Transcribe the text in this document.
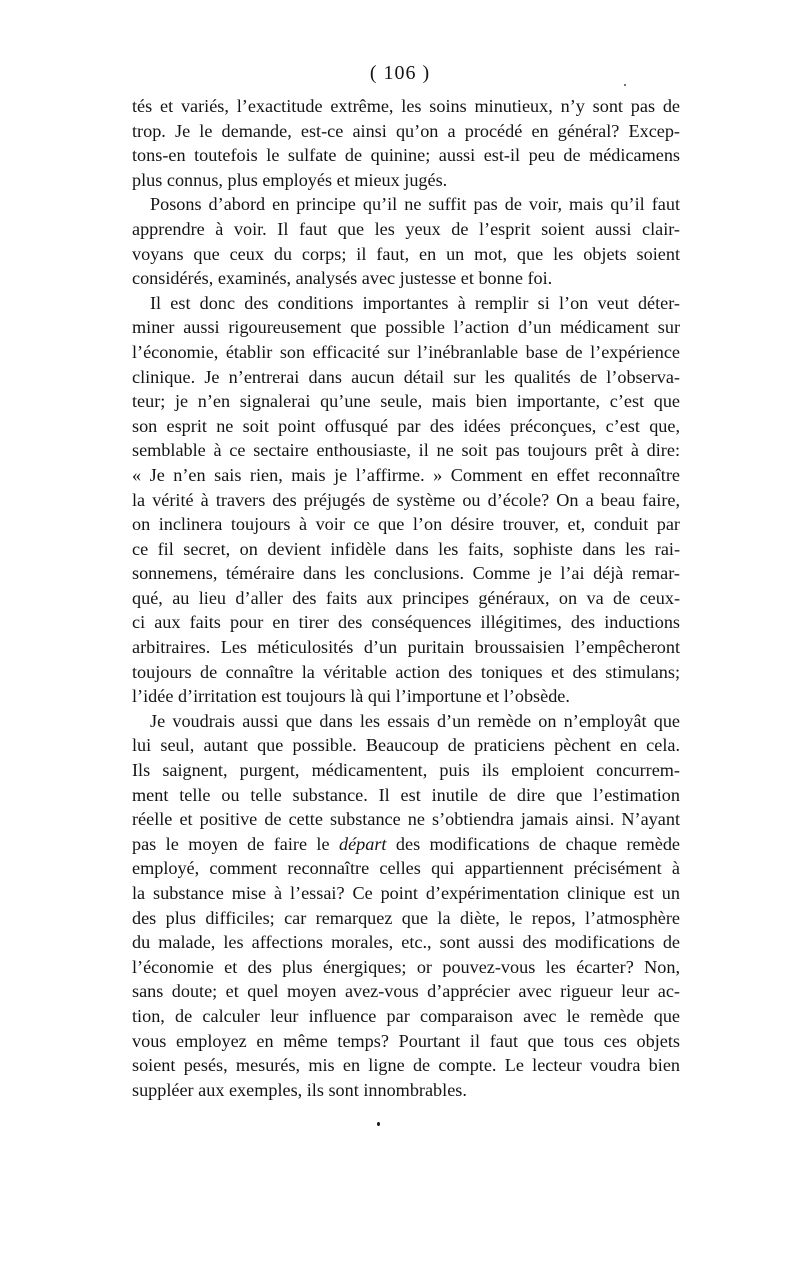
( 106 )
tés et variés, l’exactitude extrême, les soins minutieux, n’y sont pas de
trop. Je le demande, est-ce ainsi qu’on a procédé en général? Excep-
tons-en toutefois le sulfate de quinine; aussi est-il peu de médicamens
plus connus, plus employés et mieux jugés.
Posons d’abord en principe qu’il ne suffit pas de voir, mais qu’il faut
apprendre à voir. Il faut que les yeux de l’esprit soient aussi clair-
voyans que ceux du corps; il faut, en un mot, que les objets soient
considérés, examinés, analysés avec justesse et bonne foi.
Il est donc des conditions importantes à remplir si l’on veut déter-
miner aussi rigoureusement que possible l’action d’un médicament sur
l’économie, établir son efficacité sur l’inébranlable base de l’expérience
clinique. Je n’entrerai dans aucun détail sur les qualités de l’observa-
teur; je n’en signalerai qu’une seule, mais bien importante, c’est que
son esprit ne soit point offusqué par des idées préconçues, c’est que,
semblable à ce sectaire enthousiaste, il ne soit pas toujours prêt à dire:
« Je n’en sais rien, mais je l’affirme. » Comment en effet reconnaître
la vérité à travers des préjugés de système ou d’école? On a beau faire,
on inclinera toujours à voir ce que l’on désire trouver, et, conduit par
ce fil secret, on devient infidèle dans les faits, sophiste dans les rai-
sonnemens, téméraire dans les conclusions. Comme je l’ai déjà remar-
qué, au lieu d’aller des faits aux principes généraux, on va de ceux-
ci aux faits pour en tirer des conséquences illégitimes, des inductions
arbitraires. Les méticulosités d’un puritain broussaisien l’empêcheront
toujours de connaître la véritable action des toniques et des stimulans;
l’idée d’irritation est toujours là qui l’importune et l’obsède.
Je voudrais aussi que dans les essais d’un remède on n’employât que
lui seul, autant que possible. Beaucoup de praticiens pèchent en cela.
Ils saignent, purgent, médicamentent, puis ils emploient concurrem-
ment telle ou telle substance. Il est inutile de dire que l’estimation
réelle et positive de cette substance ne s’obtiendra jamais ainsi. N’ayant
pas le moyen de faire le départ des modifications de chaque remède
employé, comment reconnaître celles qui appartiennent précisément à
la substance mise à l’essai? Ce point d’expérimentation clinique est un
des plus difficiles; car remarquez que la diète, le repos, l’atmosphère
du malade, les affections morales, etc., sont aussi des modifications de
l’économie et des plus énergiques; or pouvez-vous les écarter? Non,
sans doute; et quel moyen avez-vous d’apprécier avec rigueur leur ac-
tion, de calculer leur influence par comparaison avec le remède que
vous employez en même temps? Pourtant il faut que tous ces objets
soient pesés, mesurés, mis en ligne de compte. Le lecteur voudra bien
suppléer aux exemples, ils sont innombrables.
